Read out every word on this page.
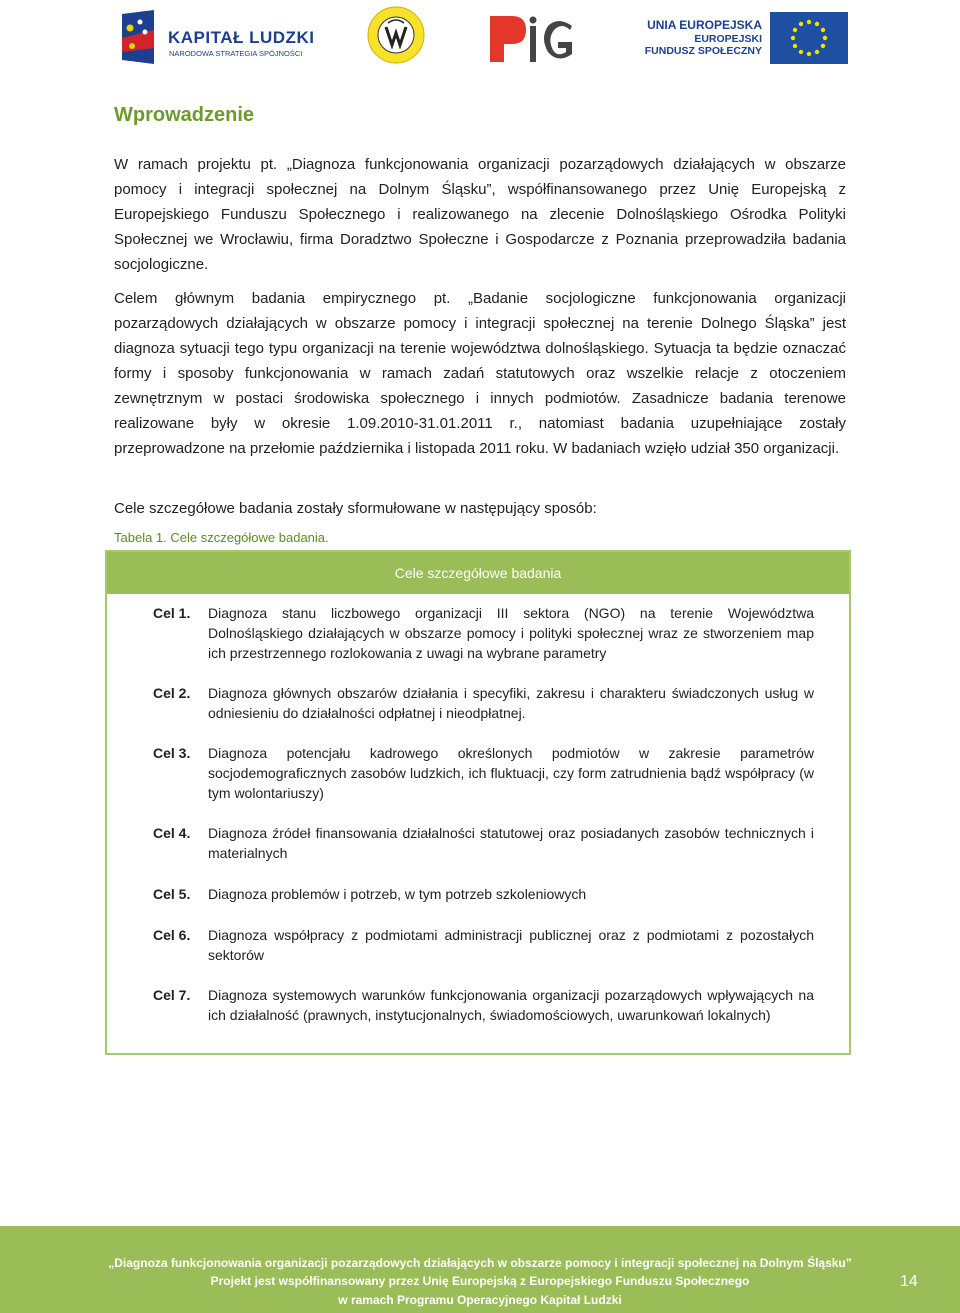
KAPITAŁ LUDZKI
NARODOWA STRATEGIA SPÓJNOŚCI
UNIA EUROPEJSKA
EUROPEJSKI
FUNDUSZ SPOŁECZNY
Wprowadzenie

W ramach projektu pt. „Diagnoza funkcjonowania organizacji pozarządowych działających w obszarze pomocy i integracji społecznej na Dolnym Śląsku”, współfinansowanego przez Unię Europejską z Europejskiego Funduszu Społecznego i realizowanego na zlecenie Dolnośląskiego Ośrodka Polityki Społecznej we Wrocławiu, firma Doradztwo Społeczne i Gospodarcze z Poznania przeprowadziła badania socjologiczne.

Celem głównym badania empirycznego pt. „Badanie socjologiczne funkcjonowania organizacji pozarządowych działających w obszarze pomocy i integracji społecznej na terenie Dolnego Śląska” jest diagnoza sytuacji tego typu organizacji na terenie województwa dolnośląskiego. Sytuacja ta będzie oznaczać formy i sposoby funkcjonowania w ramach zadań statutowych oraz wszelkie relacje z otoczeniem zewnętrznym w postaci środowiska społecznego i innych podmiotów. Zasadnicze badania terenowe realizowane były w okresie 1.09.2010-31.01.2011 r., natomiast badania uzupełniające zostały przeprowadzone na przełomie października i listopada 2011 roku. W badaniach wzięło udział 350 organizacji.

Cele szczegółowe badania zostały sformułowane w następujący sposób:

Tabela 1. Cele szczegółowe badania.
Cele szczegółowe badania
Cel 1. Diagnoza stanu liczbowego organizacji III sektora (NGO) na terenie Województwa Dolnośląskiego działających w obszarze pomocy i polityki społecznej wraz ze stworzeniem map ich przestrzennego rozlokowania z uwagi na wybrane parametry
Cel 2. Diagnoza głównych obszarów działania i specyfiki, zakresu i charakteru świadczonych usług w odniesieniu do działalności odpłatnej i nieodpłatnej.
Cel 3. Diagnoza potencjału kadrowego określonych podmiotów w zakresie parametrów socjodemograficznych zasobów ludzkich, ich fluktuacji, czy form zatrudnienia bądź współpracy (w tym wolontariuszy)
Cel 4. Diagnoza źródeł finansowania działalności statutowej oraz posiadanych zasobów technicznych i materialnych
Cel 5. Diagnoza problemów i potrzeb, w tym potrzeb szkoleniowych
Cel 6. Diagnoza współpracy z podmiotami administracji publicznej oraz z podmiotami z pozostałych sektorów
Cel 7. Diagnoza systemowych warunków funkcjonowania organizacji pozarządowych wpływających na ich działalność (prawnych, instytucjonalnych, świadomościowych, uwarunkowań lokalnych)
„Diagnoza funkcjonowania organizacji pozarządowych działających w obszarze pomocy i integracji społecznej na Dolnym Śląsku”
Projekt jest współfinansowany przez Unię Europejską z Europejskiego Funduszu Społecznego
w ramach Programu Operacyjnego Kapitał Ludzki
14
